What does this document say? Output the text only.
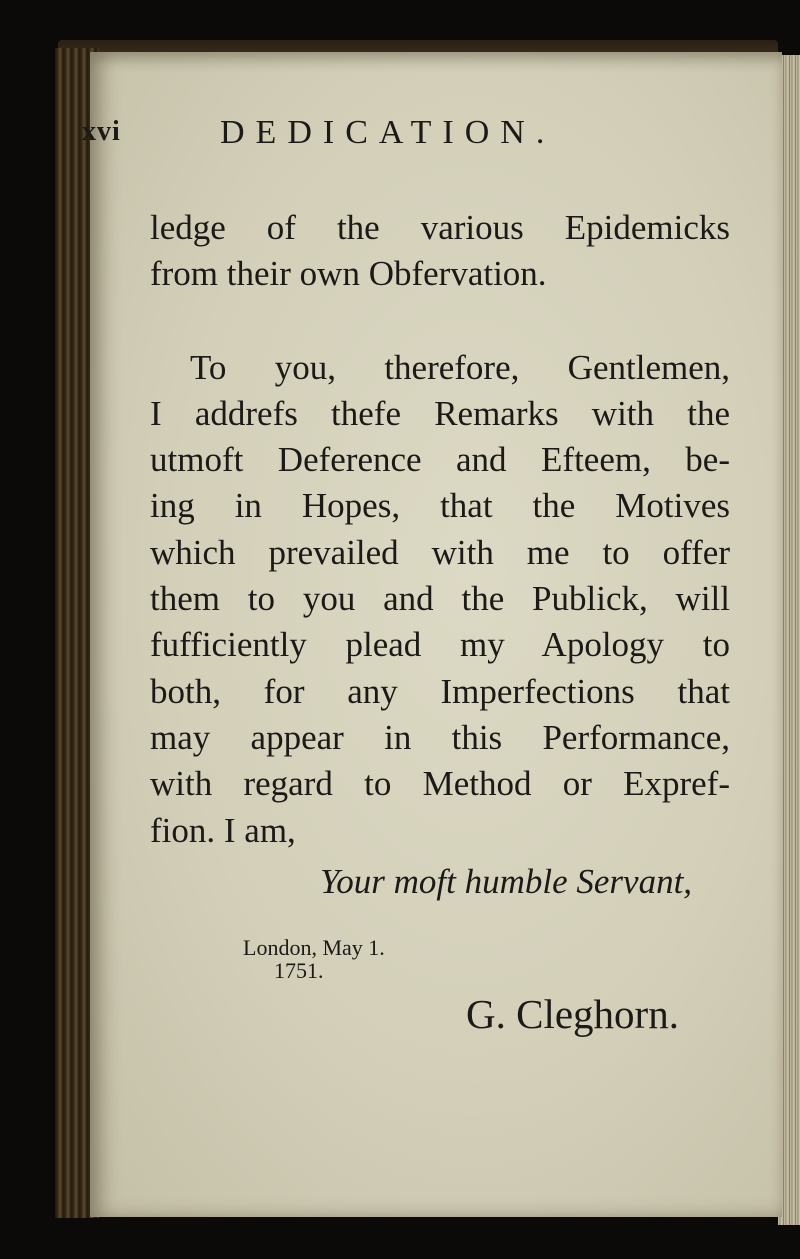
xvi	DEDICATION.
ledge of the various Epidemicks
from their own Obfervation.
To you, therefore, Gentlemen,
I addrefs thefe Remarks with the
utmoft Deference and Efteem, be-
ing in Hopes, that the Motives
which prevailed with me to offer
them to you and the Publick, will
fufficiently plead my Apology to
both, for any Imperfections that
may appear in this Performance,
with regard to Method or Expref-
fion. I am,
Your moft humble Servant,
London, May 1.
1751.
G. Cleghorn.
